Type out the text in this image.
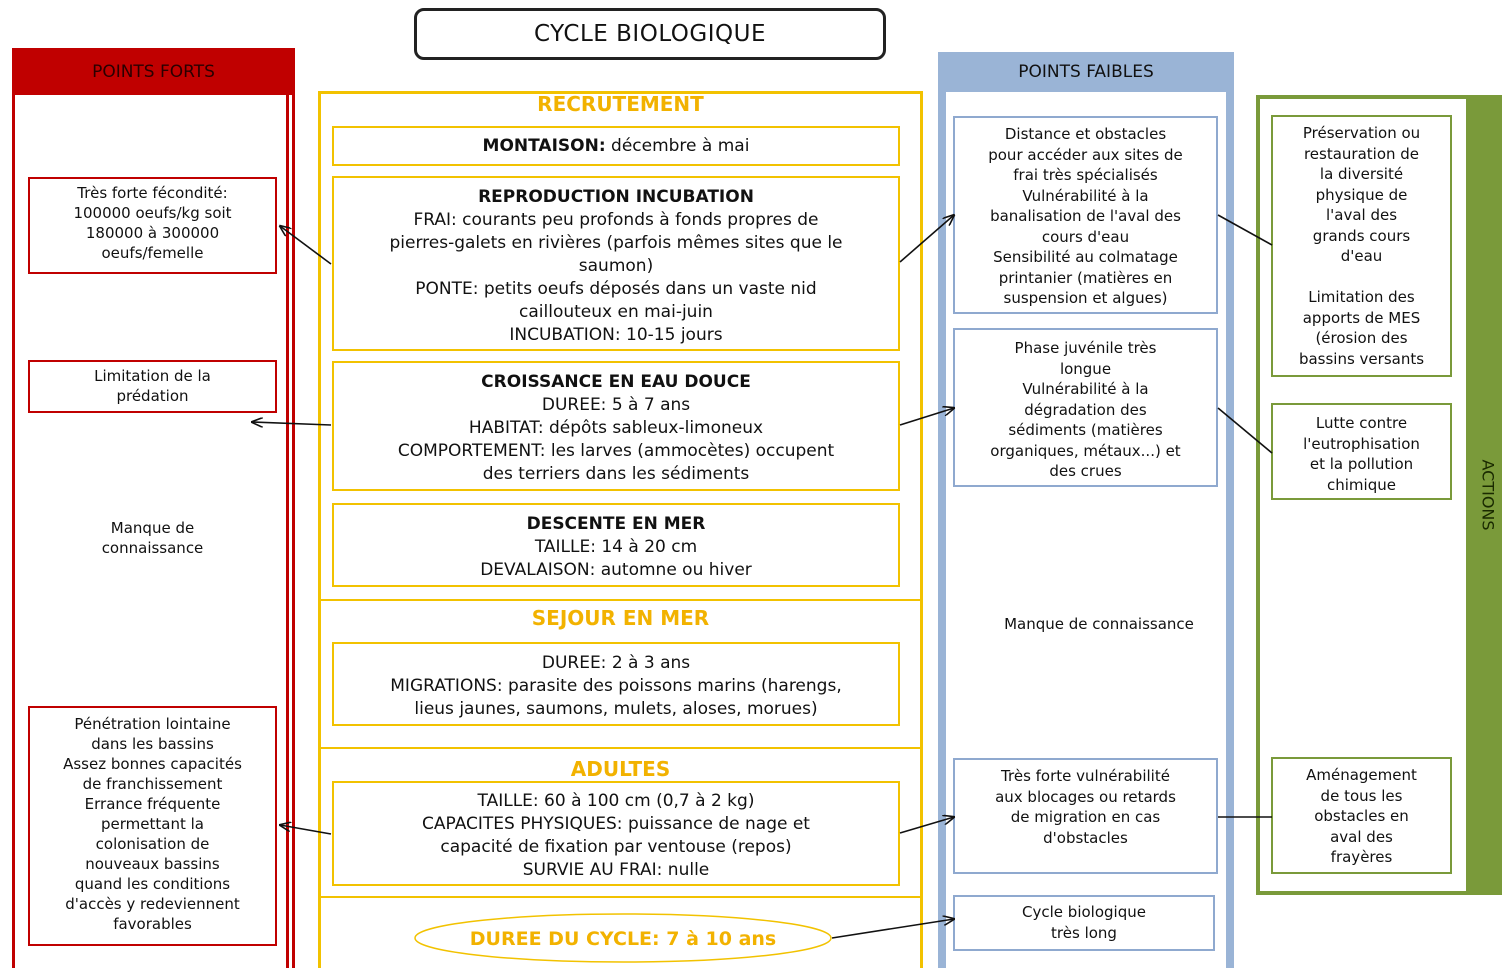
CYCLE BIOLOGIQUE
POINTS FORTS
Très forte fécondité:
100000 oeufs/kg soit
180000 à 300000
oeufs/femelle
Limitation de la
prédation
Manque de
connaissance
Pénétration lointaine
dans les bassins
Assez bonnes capacités
de franchissement
Errance fréquente
permettant la
colonisation de
nouveaux bassins
quand les conditions
d'accès y redeviennent
favorables
RECRUTEMENT
MONTAISON: décembre à mai
REPRODUCTION INCUBATION
FRAI: courants peu profonds à fonds propres de
pierres-galets en rivières (parfois mêmes sites que le
saumon)
PONTE: petits oeufs déposés dans un vaste nid
caillouteux en mai-juin
INCUBATION: 10-15 jours
CROISSANCE EN EAU DOUCE
DUREE: 5 à 7 ans
HABITAT: dépôts sableux-limoneux
COMPORTEMENT: les larves (ammocètes) occupent
des terriers dans les sédiments
DESCENTE EN MER
TAILLE: 14 à 20 cm
DEVALAISON: automne ou hiver
SEJOUR EN MER
DUREE: 2 à 3 ans
MIGRATIONS: parasite des poissons marins (harengs,
lieus jaunes, saumons, mulets, aloses, morues)
ADULTES
TAILLE: 60 à 100 cm (0,7 à 2 kg)
CAPACITES PHYSIQUES: puissance de nage et
capacité de fixation par ventouse (repos)
SURVIE AU FRAI: nulle
POINTS FAIBLES
Distance et obstacles
pour accéder aux sites de
frai très spécialisés
Vulnérabilité à la
banalisation de l'aval des
cours d'eau
Sensibilité au colmatage
printanier (matières en
suspension et algues)
Phase juvénile très
longue
Vulnérabilité à la
dégradation des
sédiments (matières
organiques, métaux...) et
des crues
Manque de connaissance
Très forte vulnérabilité
aux blocages ou retards
de migration en cas
d'obstacles
Cycle biologique
très long
ACTIONS
Préservation ou
restauration de
la diversité
physique de
l'aval des
grands cours
d'eau

Limitation des
apports de MES
(érosion des
bassins versants
Lutte contre
l'eutrophisation
et la pollution
chimique
Aménagement
de tous les
obstacles en
aval des
frayères
DUREE DU CYCLE: 7 à 10 ans
